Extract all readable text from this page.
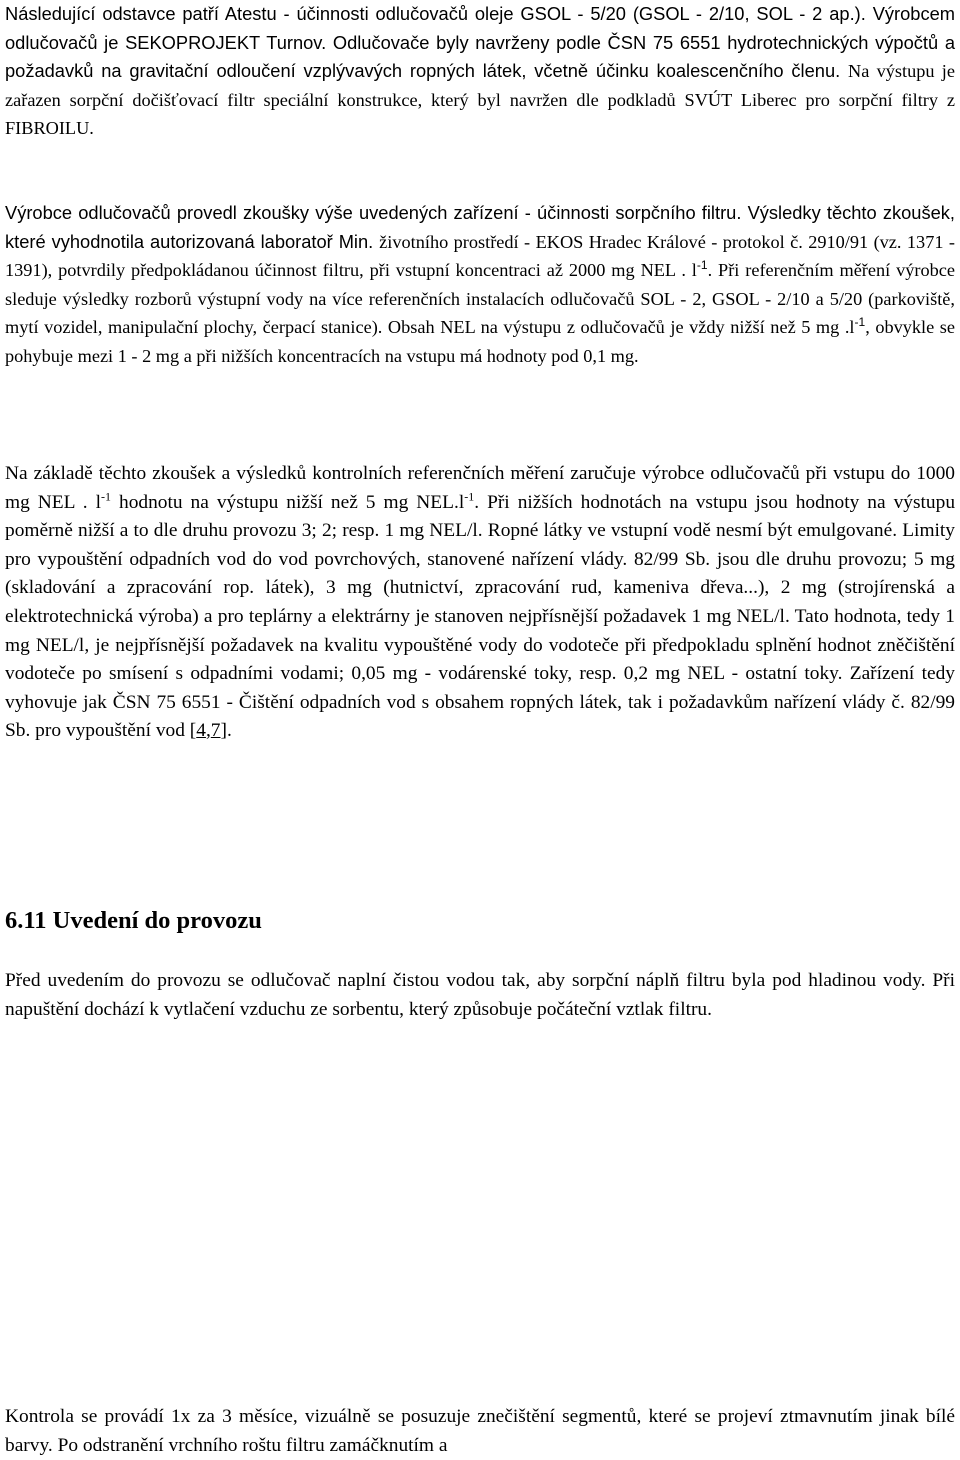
Následující odstavce patří Atestu - účinnosti odlučovačů oleje GSOL - 5/20 (GSOL - 2/10, SOL - 2 ap.). Výrobcem odlučovačů je SEKOPROJEKT Turnov. Odlučovače byly navrženy podle ČSN 75 6551 hydrotechnických výpočtů a požadavků na gravitační odloučení vzplývavých ropných látek, včetně účinku koalescenčního členu. Na výstupu je zařazen sorpční dočišťovací filtr speciální konstrukce, který byl navržen dle podkladů SVÚT Liberec pro sorpční filtry z FIBROILU.

Výrobce odlučovačů provedl zkoušky výše uvedených zařízení - účinnosti sorpčního filtru. Výsledky těchto zkoušek, které vyhodnotila autorizovaná laboratoř Min. životního prostředí - EKOS Hradec Králové - protokol č. 2910/91 (vz. 1371 - 1391), potvrdily předpokládanou účinnost filtru, při vstupní koncentraci až 2000 mg NEL . $l^{-1}$. Při referenčním měření výrobce sleduje výsledky rozborů výstupní vody na více referenčních instalacích odlučovačů SOL - 2, GSOL - 2/10 a 5/20 (parkoviště, mytí vozidel, manipulační plochy, čerpací stanice). Obsah NEL na výstupu z odlučovačů je vždy nižší než 5 mg $.l^{-1}$, obvykle se pohybuje mezi 1 - 2 mg a při nižších koncentracích na vstupu má hodnoty pod 0,1 mg.

Na základě těchto zkoušek a výsledků kontrolních referenčních měření zaručuje výrobce odlučovačů při vstupu do 1000 mg NEL . $l^{-1}$ hodnotu na výstupu nižší než 5 mg $NEL.l^{-1}$. Při nižších hodnotách na vstupu jsou hodnoty na výstupu poměrně nižší a to dle druhu provozu 3; 2; resp. 1 mg NEL/l. Ropné látky ve vstupní vodě nesmí být emulgované. Limity pro vypouštění odpadních vod do vod povrchových, stanovené nařízení vlády. 82/99 Sb. jsou dle druhu provozu; 5 mg (skladování a zpracování rop. látek), 3 mg (hutnictví, zpracování rud, kameniva dřeva...), 2 mg (strojírenská a elektrotechnická výroba) a pro teplárny a elektrárny je stanoven nejpřísnější požadavek 1 mg NEL/l. Tato hodnota, tedy 1 mg NEL/l, je nejpřísnější požadavek na kvalitu vypouštěné vody do vodoteče při předpokladu splnění hodnot zněčištění vodoteče po smísení s odpadními vodami; 0,05 mg - vodárenské toky, resp. 0,2 mg NEL - ostatní toky. Zařízení tedy vyhovuje jak ČSN 75 6551 - Čištění odpadních vod s obsahem ropných látek, tak i požadavkům nařízení vlády č. 82/99 Sb. pro vypouštění vod [4,7].

6.11 Uvedení do provozu

Před uvedením do provozu se odlučovač naplní čistou vodou tak, aby sorpční náplň filtru byla pod hladinou vody. Při napuštění dochází k vytlačení vzduchu ze sorbentu, který způsobuje počáteční vztlak filtru.

Kontrola se provádí 1x za 3 měsíce, vizuálně se posuzuje znečištění segmentů, které se projeví ztmavnutím jinak bílé barvy. Po odstranění vrchního roštu filtru zamáčknutím a
